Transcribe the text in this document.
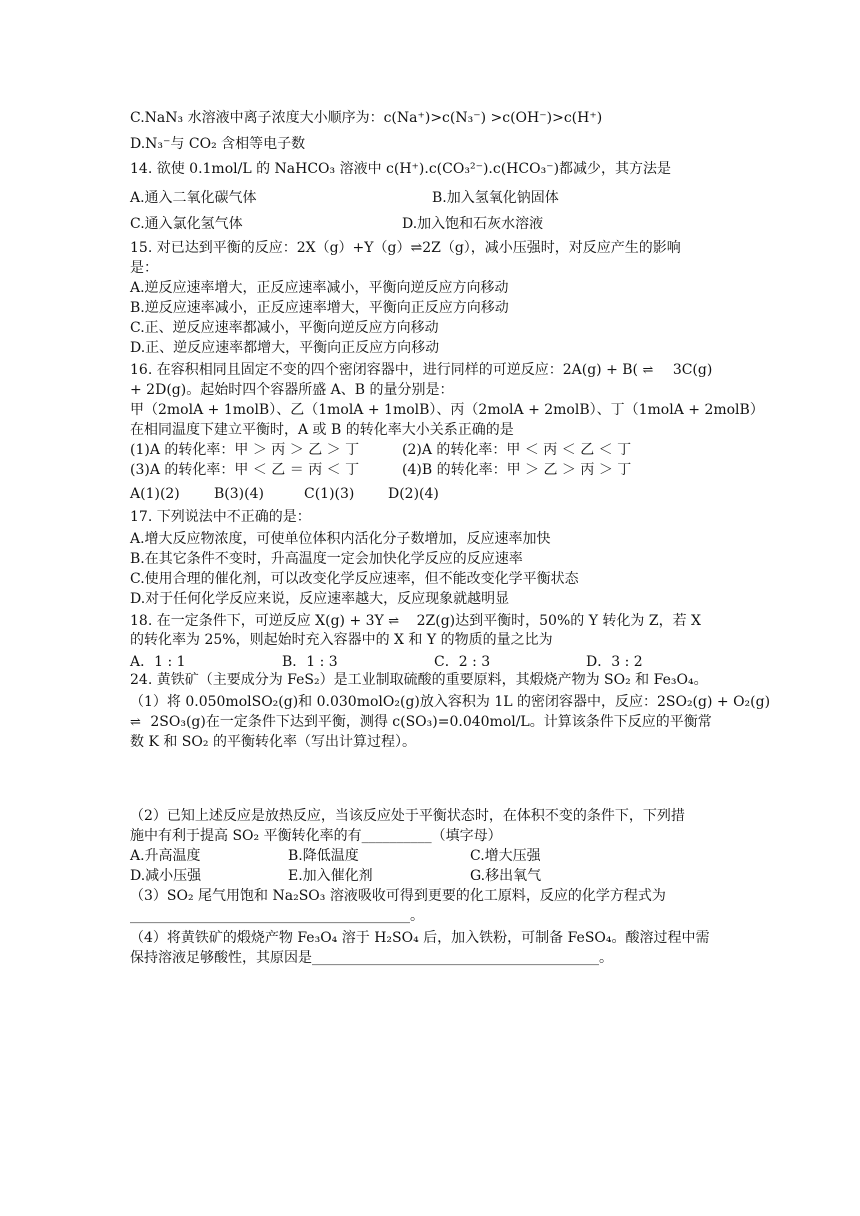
C.NaN₃ 水溶液中离子浓度大小顺序为：c(Na⁺)>c(N₃⁻) >c(OH⁻)>c(H⁺)
D.N₃⁻与 CO₂ 含相等电子数
14. 欲使 0.1mol/L 的 NaHCO₃ 溶液中 c(H⁺).c(CO₃²⁻).c(HCO₃⁻)都减少，其方法是
A.通入二氧化碳气体	B.加入氢氧化钠固体
C.通入氯化氢气体	D.加入饱和石灰水溶液
15. 对已达到平衡的反应：2X（g）+Y（g）⇌2Z（g），减小压强时，对反应产生的影响
是：
A.逆反应速率增大，正反应速率减小，平衡向逆反应方向移动
B.逆反应速率减小，正反应速率增大，平衡向正反应方向移动
C.正、逆反应速率都减小，平衡向逆反应方向移动
D.正、逆反应速率都增大，平衡向正反应方向移动
16. 在容积相同且固定不变的四个密闭容器中，进行同样的可逆反应：2A(g) + B( ⇌ 3C(g)
+ 2D(g)。起始时四个容器所盛 A、B 的量分别是：
甲（2molA + 1molB）、乙（1molA + 1molB）、丙（2molA + 2molB）、丁（1molA + 2molB）
在相同温度下建立平衡时，A 或 B 的转化率大小关系正确的是
(1)A 的转化率：甲 ＞ 丙 ＞ 乙 ＞ 丁	(2)A 的转化率：甲 ＜ 丙 ＜ 乙 ＜ 丁
(3)A 的转化率：甲 ＜ 乙 ＝ 丙 ＜ 丁	(4)B 的转化率：甲 ＞ 乙 ＞ 丙 ＞ 丁
A(1)(2) B(3)(4)	C(1)(3) D(2)(4)
17. 下列说法中不正确的是：
A.增大反应物浓度，可使单位体积内活化分子数增加，反应速率加快
B.在其它条件不变时，升高温度一定会加快化学反应的反应速率
C.使用合理的催化剂，可以改变化学反应速率，但不能改变化学平衡状态
D.对于任何化学反应来说，反应速率越大，反应现象就越明显
18. 在一定条件下，可逆反应 X(g) + 3Y ⇌ 2Z(g)达到平衡时，50%的 Y 转化为 Z，若 X
的转化率为 25%，则起始时充入容器中的 X 和 Y 的物质的量之比为
A．1 : 1	B．1 : 3	C．2 : 3	D．3 : 2
24. 黄铁矿（主要成分为 FeS₂）是工业制取硫酸的重要原料，其煅烧产物为 SO₂ 和 Fe₃O₄。
（1）将 0.050molSO₂(g)和 0.030molO₂(g)放入容积为 1L 的密闭容器中，反应：2SO₂(g) + O₂(g)
⇌ 2SO₃(g)在一定条件下达到平衡，测得 c(SO₃)=0.040mol/L。计算该条件下反应的平衡常
数 K 和 SO₂ 的平衡转化率（写出计算过程）。
（2）已知上述反应是放热反应，当该反应处于平衡状态时，在体积不变的条件下，下列措
施中有利于提高 SO₂ 平衡转化率的有__________（填字母）
A.升高温度	B.降低温度	C.增大压强
D.减小压强	E.加入催化剂	G.移出氧气
（3）SO₂ 尾气用饱和 Na₂SO₃ 溶液吸收可得到更要的化工原料，反应的化学方程式为
________________________________________。
（4）将黄铁矿的煅烧产物 Fe₃O₄ 溶于 H₂SO₄ 后，加入铁粉，可制备 FeSO₄。酸溶过程中需
保持溶液足够酸性，其原因是_________________________________________。
